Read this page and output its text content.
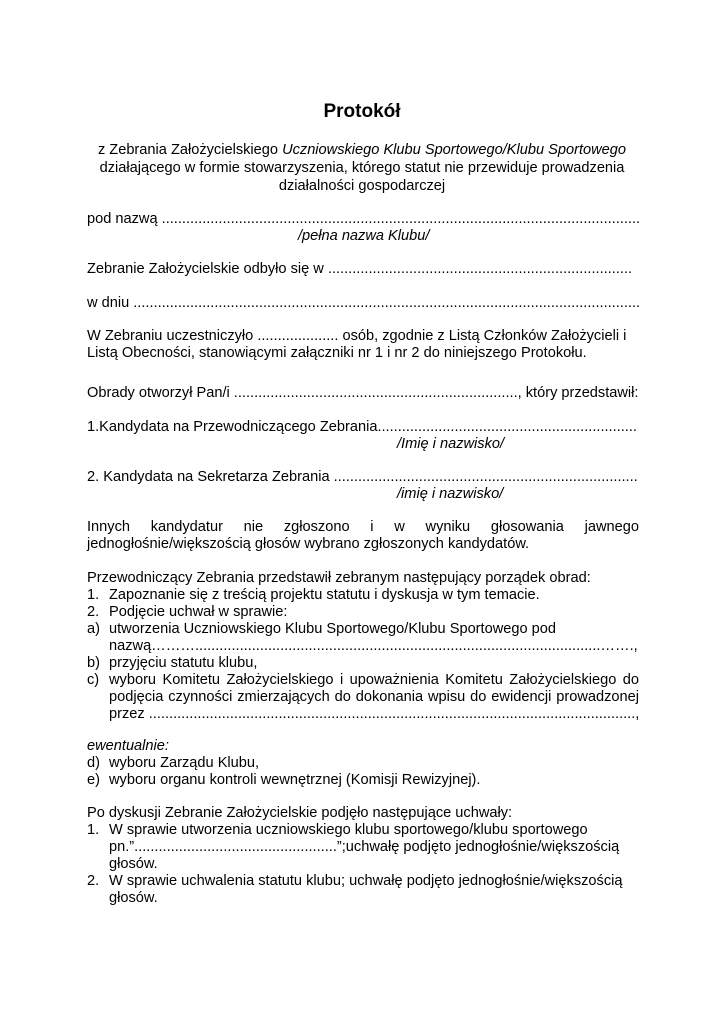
Protokół
z Zebrania Założycielskiego Uczniowskiego Klubu Sportowego/Klubu Sportowego
działającego w formie stowarzyszenia, którego statut nie przewiduje prowadzenia
działalności gospodarczej
pod nazwą ......................................................................................................................
/pełna nazwa Klubu/
Zebranie Założycielskie odbyło się w ...........................................................................
w dniu .............................................................................................................................
W Zebraniu uczestniczyło .................... osób, zgodnie z Listą Członków Założycieli i
Listą Obecności, stanowiącymi załączniki nr 1 i nr 2 do niniejszego Protokołu.
Obrady otworzył Pan/i ......................................................................, który przedstawił:
1.Kandydata na Przewodniczącego Zebrania................................................................
/Imię i nazwisko/
2. Kandydata na Sekretarza Zebrania ...........................................................................
/imię i nazwisko/
Innych kandydatur nie zgłoszono i w wyniku głosowania jawnego
jednogłośnie/większością głosów wybrano zgłoszonych kandydatów.
Przewodniczący Zebrania przedstawił zebranym następujący porządek obrad:
1. Zapoznanie się z treścią projektu statutu i dyskusja w tym temacie.
2. Podjęcie uchwał w sprawie:
a) utworzenia Uczniowskiego Klubu Sportowego/Klubu Sportowego pod
nazwą………....................................................................................................…….,
b) przyjęciu statutu klubu,
c) wyboru Komitetu Założycielskiego i upoważnienia Komitetu Założycielskiego do
podjęcia czynności zmierzających do dokonania wpisu do ewidencji prowadzonej
przez ........................................................................................................................,
ewentualnie:
d) wyboru Zarządu Klubu,
e) wyboru organu kontroli wewnętrznej (Komisji Rewizyjnej).
Po dyskusji Zebranie Założycielskie podjęło następujące uchwały:
1. W sprawie utworzenia uczniowskiego klubu sportowego/klubu sportowego
pn.”..................................................”;uchwałę podjęto jednogłośnie/większością
głosów.
2. W sprawie uchwalenia statutu klubu; uchwałę podjęto jednogłośnie/większością
głosów.
